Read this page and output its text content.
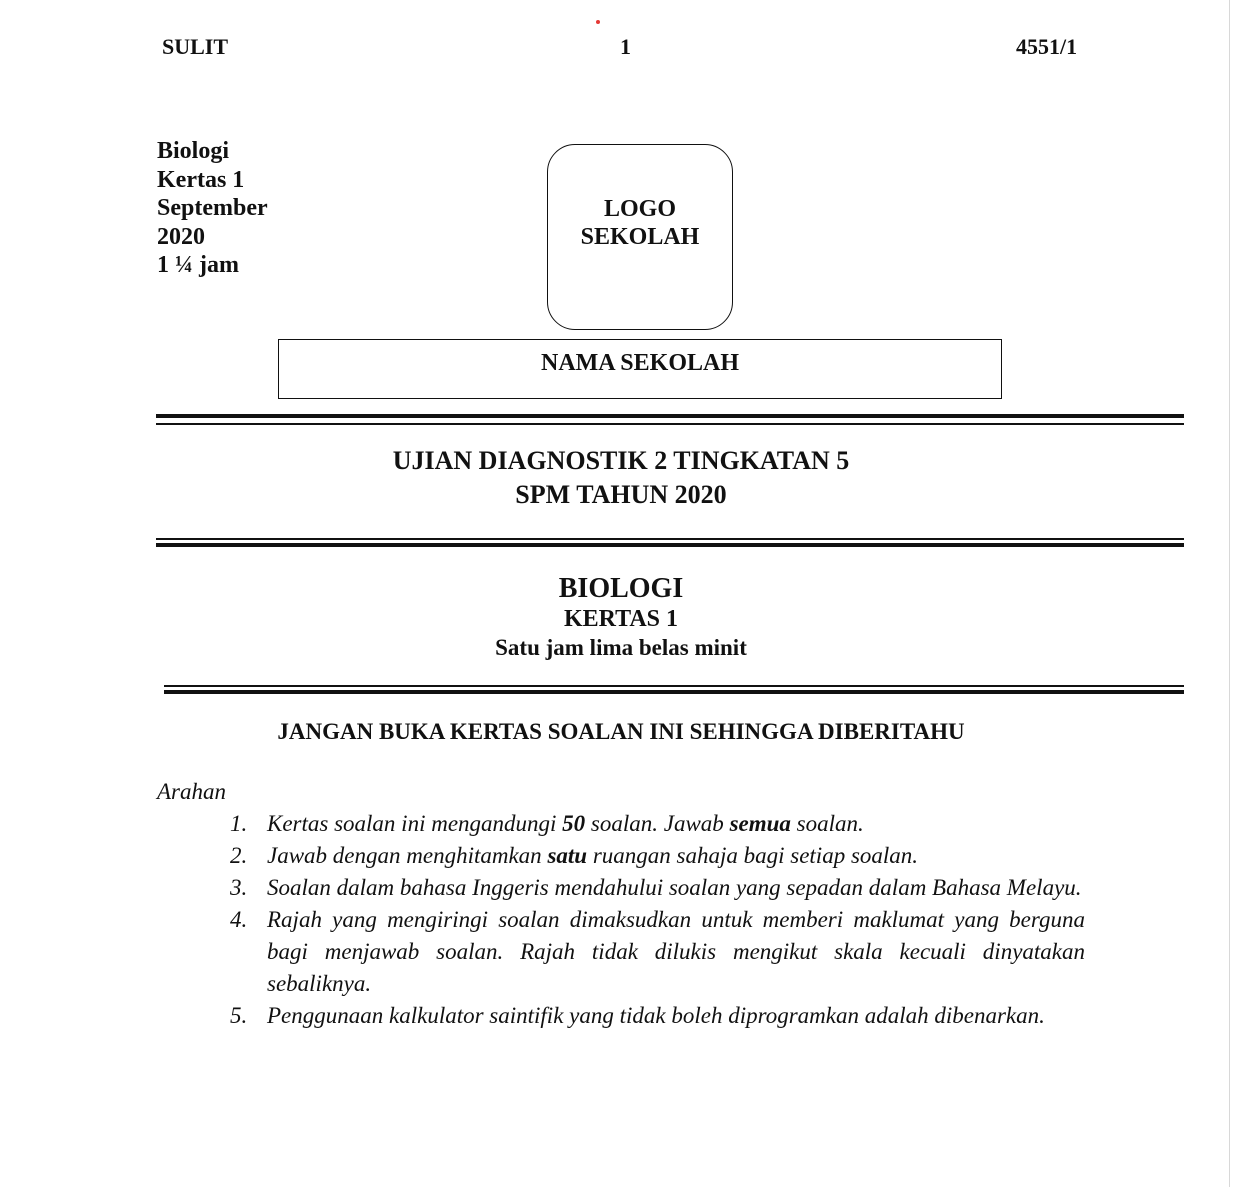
SULIT	1	4551/1
Biologi
Kertas 1
September
2020
1 ¼ jam
LOGO
SEKOLAH
NAMA SEKOLAH
UJIAN DIAGNOSTIK 2 TINGKATAN 5
SPM TAHUN 2020
BIOLOGI
KERTAS 1
Satu jam lima belas minit
JANGAN BUKA KERTAS SOALAN INI SEHINGGA DIBERITAHU
Arahan
1. Kertas soalan ini mengandungi 50 soalan. Jawab semua soalan.
2. Jawab dengan menghitamkan satu ruangan sahaja bagi setiap soalan.
3. Soalan dalam bahasa Inggeris mendahului soalan yang sepadan dalam Bahasa Melayu.
4. Rajah yang mengiringi soalan dimaksudkan untuk memberi maklumat yang berguna bagi menjawab soalan. Rajah tidak dilukis mengikut skala kecuali dinyatakan sebaliknya.
5. Penggunaan kalkulator saintifik yang tidak boleh diprogramkan adalah dibenarkan.
